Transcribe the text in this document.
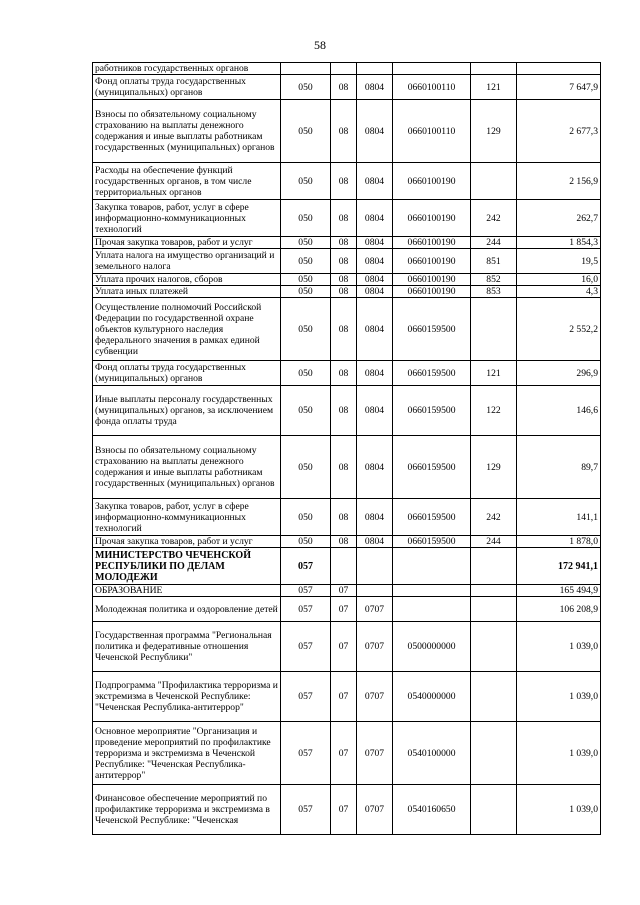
58
работников государственных органов						
Фонд оплаты труда государственных (муниципальных) органов	050	08	0804	0660100110	121	7 647,9
Взносы по обязательному социальному страхованию на выплаты денежного содержания и иные выплаты работникам государственных (муниципальных) органов	050	08	0804	0660100110	129	2 677,3
Расходы на обеспечение функций государственных органов, в том числе территориальных органов	050	08	0804	0660100190		2 156,9
Закупка товаров, работ, услуг в сфере информационно-коммуникационных технологий	050	08	0804	0660100190	242	262,7
Прочая закупка товаров, работ и услуг	050	08	0804	0660100190	244	1 854,3
Уплата налога на имущество организаций и земельного налога	050	08	0804	0660100190	851	19,5
Уплата прочих налогов, сборов	050	08	0804	0660100190	852	16,0
Уплата иных платежей	050	08	0804	0660100190	853	4,3
Осуществление полномочий Российской Федерации по государственной охране объектов культурного наследия федерального значения в рамках единой субвенции	050	08	0804	0660159500		2 552,2
Фонд оплаты труда государственных (муниципальных) органов	050	08	0804	0660159500	121	296,9
Иные выплаты персоналу государственных (муниципальных) органов, за исключением фонда оплаты труда	050	08	0804	0660159500	122	146,6
Взносы по обязательному социальному страхованию на выплаты денежного содержания и иные выплаты работникам государственных (муниципальных) органов	050	08	0804	0660159500	129	89,7
Закупка товаров, работ, услуг в сфере информационно-коммуникационных технологий	050	08	0804	0660159500	242	141,1
Прочая закупка товаров, работ и услуг	050	08	0804	0660159500	244	1 878,0
МИНИСТЕРСТВО ЧЕЧЕНСКОЙ РЕСПУБЛИКИ ПО ДЕЛАМ МОЛОДЕЖИ	057					172 941,1
ОБРАЗОВАНИЕ	057	07				165 494,9
Молодежная политика и оздоровление детей	057	07	0707			106 208,9
Государственная программа "Региональная политика и федеративные отношения Чеченской Республики"	057	07	0707	0500000000		1 039,0
Подпрограмма "Профилактика терроризма и экстремизма в Чеченской Республике: "Чеченская Республика-антитеррор"	057	07	0707	0540000000		1 039,0
Основное мероприятие "Организация и проведение мероприятий по профилактике терроризма и экстремизма в Чеченской Республике: "Чеченская Республика-антитеррор"	057	07	0707	0540100000		1 039,0
Финансовое обеспечение мероприятий по профилактике терроризма и экстремизма в Чеченской Республике: "Чеченская	057	07	0707	0540160650		1 039,0
